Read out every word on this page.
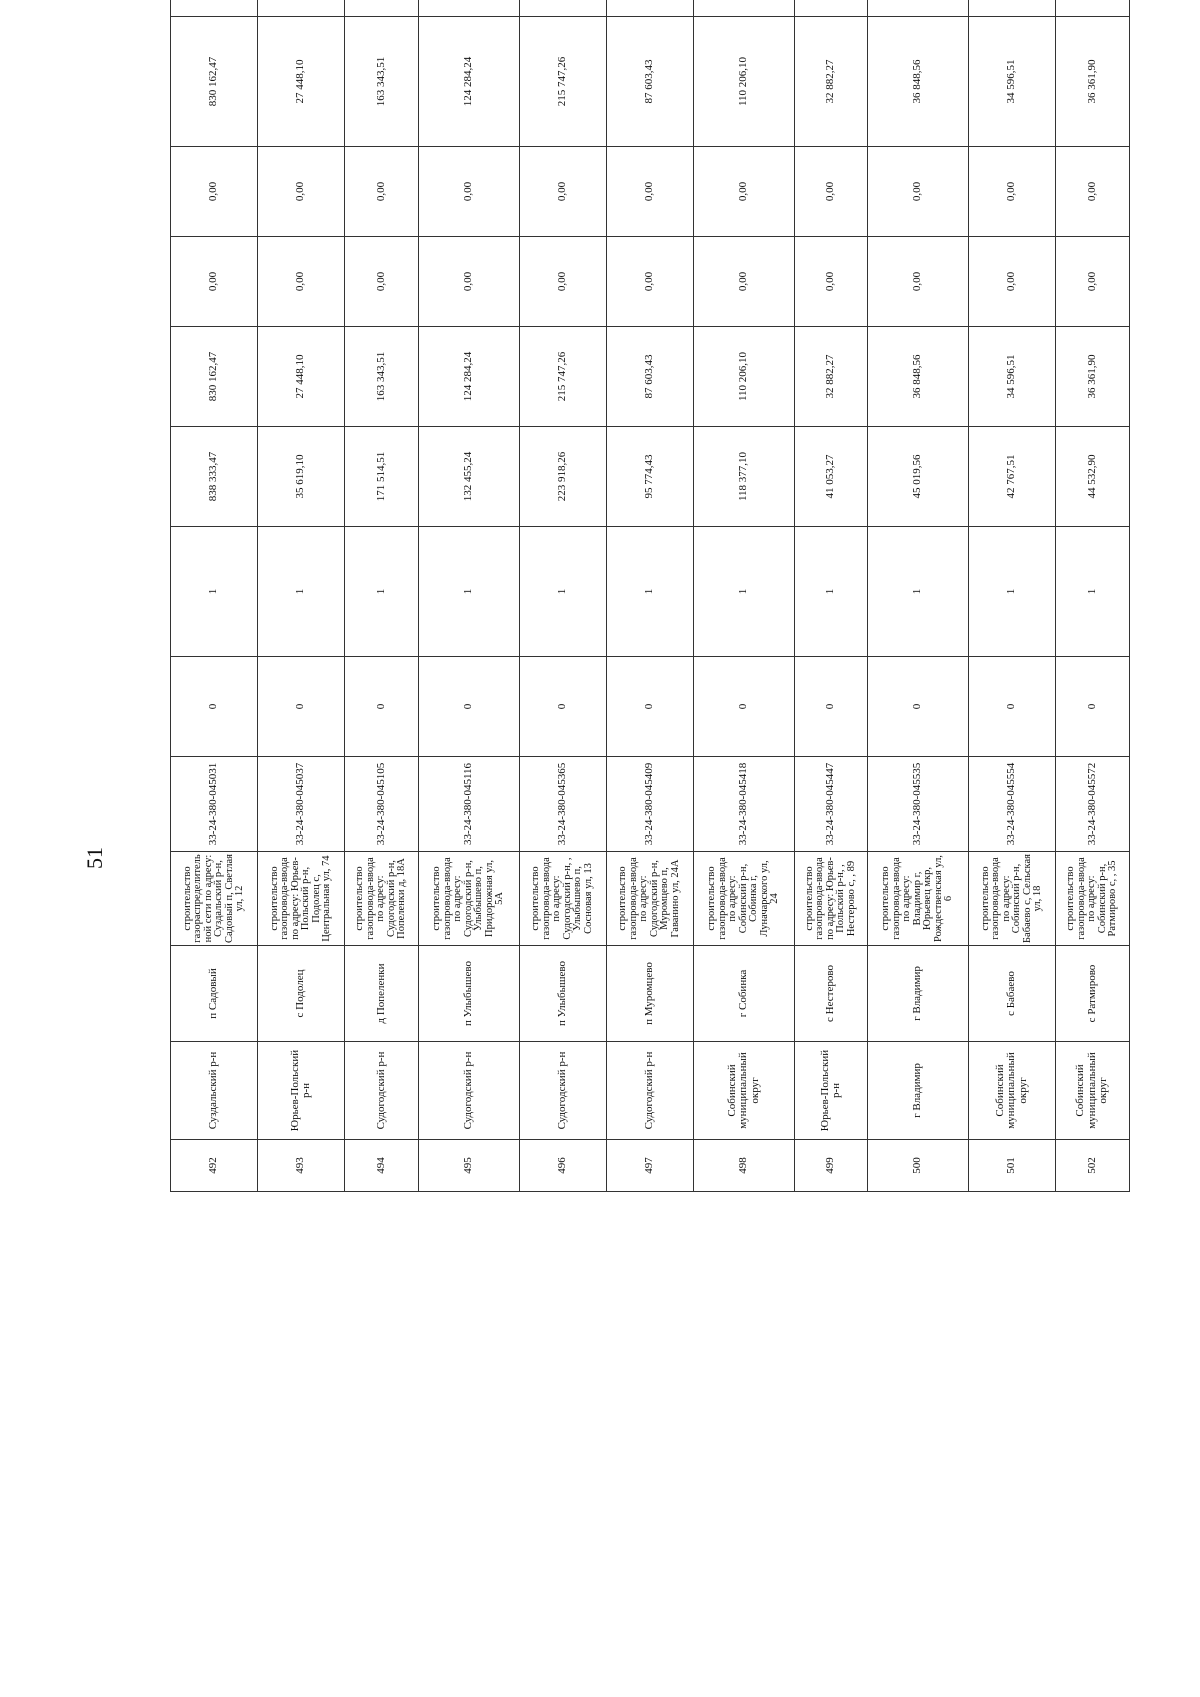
51
492	Суздальский р-н	п Садовый	строительство газораспределительной сети по адресу: Суздальский р-н, Садовый п, Светлая ул, 12	33-24-380-045031	0	1	838 333,47	830 162,47	0,00	0,00	830 162,47	
493	Юрьев-Польский р-н	с Подолец	строительство газопровода-ввода по адресу: Юрьев-Польский р-н, Подолец с, Центральная ул, 74	33-24-380-045037	0	1	35 619,10	27 448,10	0,00	0,00	27 448,10	
494	Судогодский р-н	д Попеленки	строительство газопровода-ввода по адресу: Судогодский р-н, Попеленки д, 18А	33-24-380-045105	0	1	171 514,51	163 343,51	0,00	0,00	163 343,51	
495	Судогодский р-н	п Улыбышево	строительство газопровода-ввода по адресу: Судогодский р-н, Улыбышево п, Придорожная ул, 5А	33-24-380-045116	0	1	132 455,24	124 284,24	0,00	0,00	124 284,24	
496	Судогодский р-н	п Улыбышево	строительство газопровода-ввода по адресу: Судогодский р-н, , Улыбышево п, Сосновая ул, 13	33-24-380-045365	0	1	223 918,26	215 747,26	0,00	0,00	215 747,26	
497	Судогодский р-н	п Муромцево	строительство газопровода-ввода по адресу: Судогодский р-н, Муромцево п, Гаванино ул, 24А	33-24-380-045409	0	1	95 774,43	87 603,43	0,00	0,00	87 603,43	
498	Собинский муниципальный округ	г Собинка	строительство газопровода-ввода по адресу: Собинский р-н, Собинка г, Луначарского ул, 24	33-24-380-045418	0	1	118 377,10	110 206,10	0,00	0,00	110 206,10	
499	Юрьев-Польский р-н	с Нестерово	строительство газопровода-ввода по адресу: Юрьев-Польский р-н, , Нестерово с, , 89	33-24-380-045447	0	1	41 053,27	32 882,27	0,00	0,00	32 882,27	
500	г Владимир	г Владимир	строительство газопровода-ввода по адресу: Владимир г, Юрьевец мкр, Рождественская ул, 6	33-24-380-045535	0	1	45 019,56	36 848,56	0,00	0,00	36 848,56	
501	Собинский муниципальный округ	с Бабаево	строительство газопровода-ввода по адресу: Собинский р-н, Бабаево с, Сельская ул, 18	33-24-380-045554	0	1	42 767,51	34 596,51	0,00	0,00	34 596,51	
502	Собинский муниципальный округ	с Ратмирово	строительство газопровода-ввода по адресу: Собинский р-н, Ратмирово с, , 35	33-24-380-045572	0	1	44 532,90	36 361,90	0,00	0,00	36 361,90	
